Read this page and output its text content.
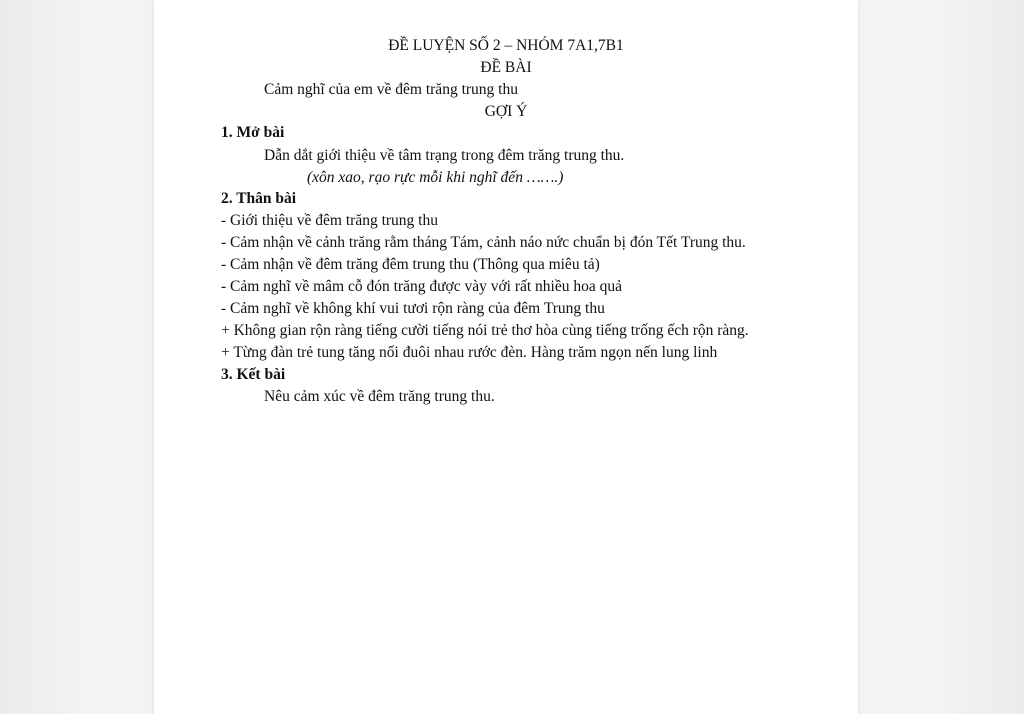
ĐỀ LUYỆN SỐ 2 – NHÓM 7A1,7B1
ĐỀ BÀI
Cảm nghĩ của em về đêm trăng trung thu
GỢI Ý
1. Mở bài
Dẫn dắt giới thiệu về tâm trạng trong đêm trăng trung thu.
(xôn xao, rạo rực mỗi khi nghĩ đến …….)
2. Thân bài
- Giới thiệu về đêm trăng trung thu
- Cảm nhận về cảnh trăng rằm tháng Tám, cảnh náo nức chuẩn bị đón Tết Trung thu.
- Cảm nhận về đêm trăng đêm trung thu (Thông qua miêu tả)
- Cảm nghĩ về mâm cỗ đón trăng được vày với rất nhiều hoa quả
- Cảm nghĩ về không khí vui tươi rộn ràng của đêm Trung thu
+ Không gian rộn ràng tiếng cười tiếng nói trẻ thơ hòa cùng tiếng trống ếch rộn ràng.
+ Từng đàn trẻ tung tăng nối đuôi nhau rước đèn. Hàng trăm ngọn nến lung linh
3. Kết bài
Nêu cảm xúc về đêm trăng trung thu.
